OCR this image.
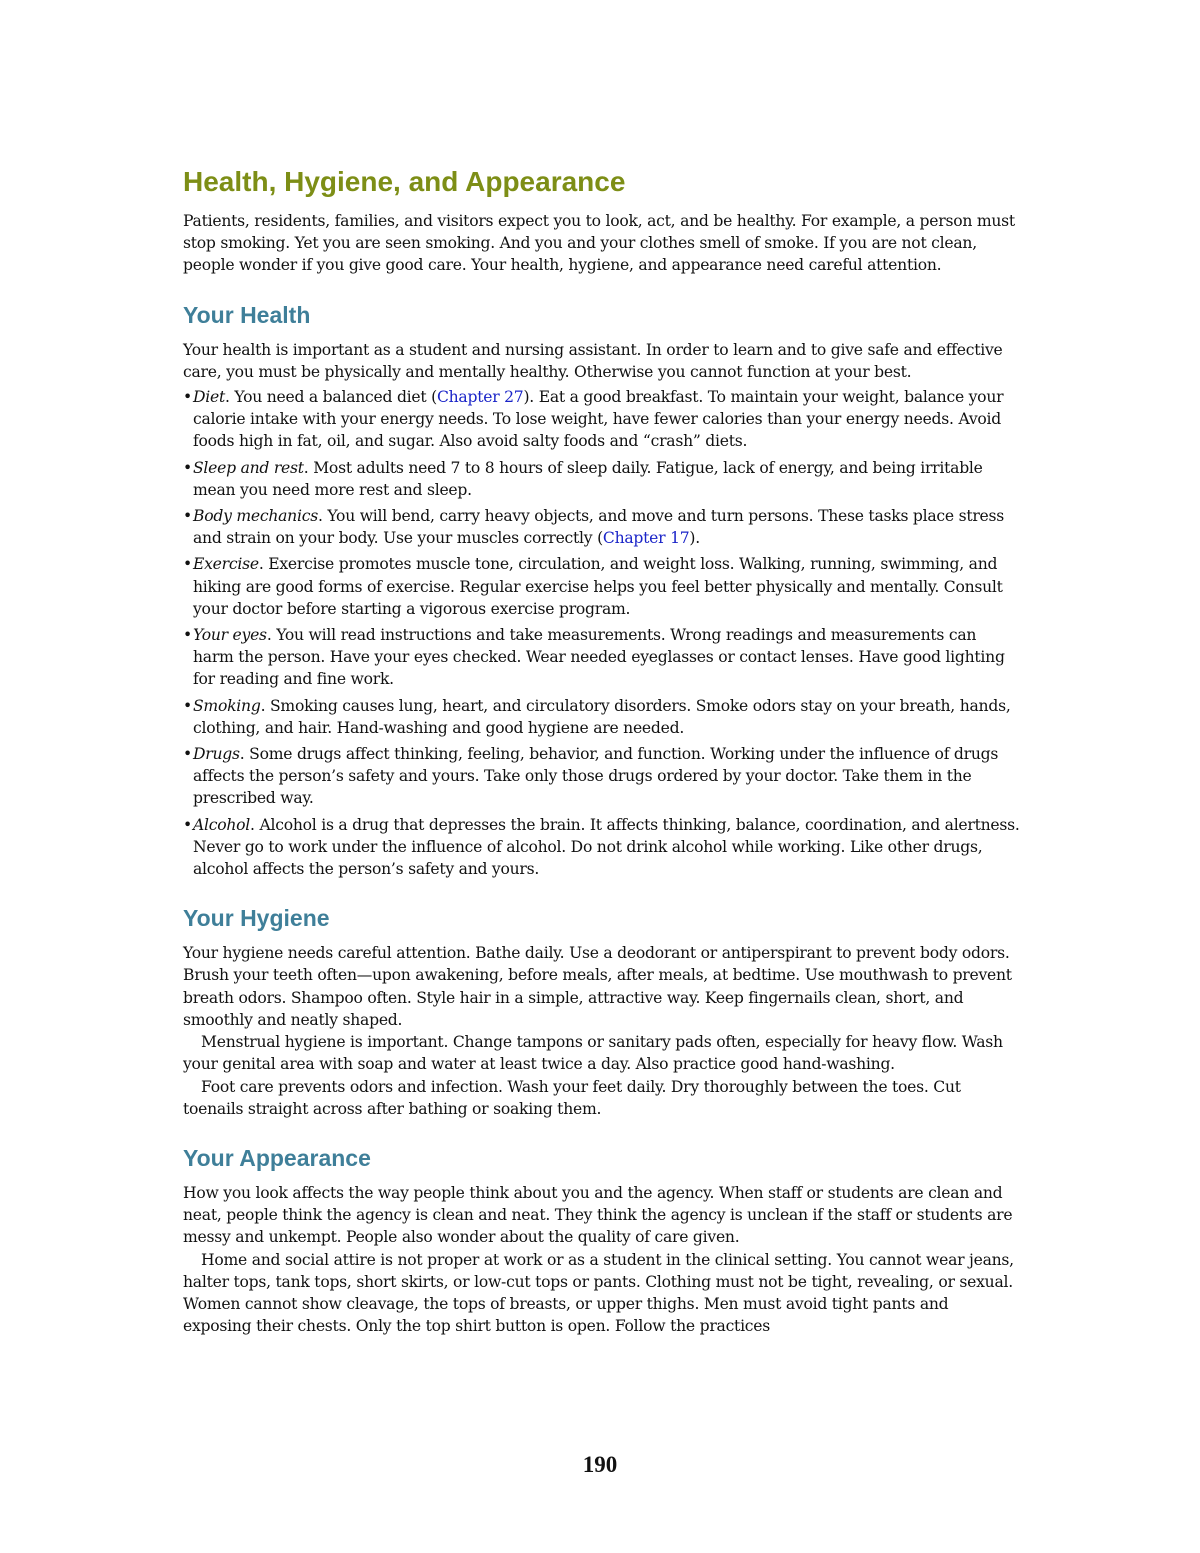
Health, Hygiene, and Appearance

Patients, residents, families, and visitors expect you to look, act, and be healthy. For example, a person must stop smoking. Yet you are seen smoking. And you and your clothes smell of smoke. If you are not clean, people wonder if you give good care. Your health, hygiene, and appearance need careful attention.

Your Health

Your health is important as a student and nursing assistant. In order to learn and to give safe and effective care, you must be physically and mentally healthy. Otherwise you cannot function at your best.

• Diet. You need a balanced diet (Chapter 27). Eat a good breakfast. To maintain your weight, balance your calorie intake with your energy needs. To lose weight, have fewer calories than your energy needs. Avoid foods high in fat, oil, and sugar. Also avoid salty foods and “crash” diets.
• Sleep and rest. Most adults need 7 to 8 hours of sleep daily. Fatigue, lack of energy, and being irritable mean you need more rest and sleep.
• Body mechanics. You will bend, carry heavy objects, and move and turn persons. These tasks place stress and strain on your body. Use your muscles correctly (Chapter 17).
• Exercise. Exercise promotes muscle tone, circulation, and weight loss. Walking, running, swimming, and hiking are good forms of exercise. Regular exercise helps you feel better physically and mentally. Consult your doctor before starting a vigorous exercise program.
• Your eyes. You will read instructions and take measurements. Wrong readings and measurements can harm the person. Have your eyes checked. Wear needed eyeglasses or contact lenses. Have good lighting for reading and fine work.
• Smoking. Smoking causes lung, heart, and circulatory disorders. Smoke odors stay on your breath, hands, clothing, and hair. Hand-washing and good hygiene are needed.
• Drugs. Some drugs affect thinking, feeling, behavior, and function. Working under the influence of drugs affects the person’s safety and yours. Take only those drugs ordered by your doctor. Take them in the prescribed way.
• Alcohol. Alcohol is a drug that depresses the brain. It affects thinking, balance, coordination, and alertness. Never go to work under the influence of alcohol. Do not drink alcohol while working. Like other drugs, alcohol affects the person’s safety and yours.
Your Hygiene

Your hygiene needs careful attention. Bathe daily. Use a deodorant or antiperspirant to prevent body odors. Brush your teeth often—upon awakening, before meals, after meals, at bedtime. Use mouthwash to prevent breath odors. Shampoo often. Style hair in a simple, attractive way. Keep fingernails clean, short, and smoothly and neatly shaped.

Menstrual hygiene is important. Change tampons or sanitary pads often, especially for heavy flow. Wash your genital area with soap and water at least twice a day. Also practice good hand-washing.

Foot care prevents odors and infection. Wash your feet daily. Dry thoroughly between the toes. Cut toenails straight across after bathing or soaking them.

Your Appearance

How you look affects the way people think about you and the agency. When staff or students are clean and neat, people think the agency is clean and neat. They think the agency is unclean if the staff or students are messy and unkempt. People also wonder about the quality of care given.

Home and social attire is not proper at work or as a student in the clinical setting. You cannot wear jeans, halter tops, tank tops, short skirts, or low-cut tops or pants. Clothing must not be tight, revealing, or sexual. Women cannot show cleavage, the tops of breasts, or upper thighs. Men must avoid tight pants and exposing their chests. Only the top shirt button is open. Follow the practices

190
